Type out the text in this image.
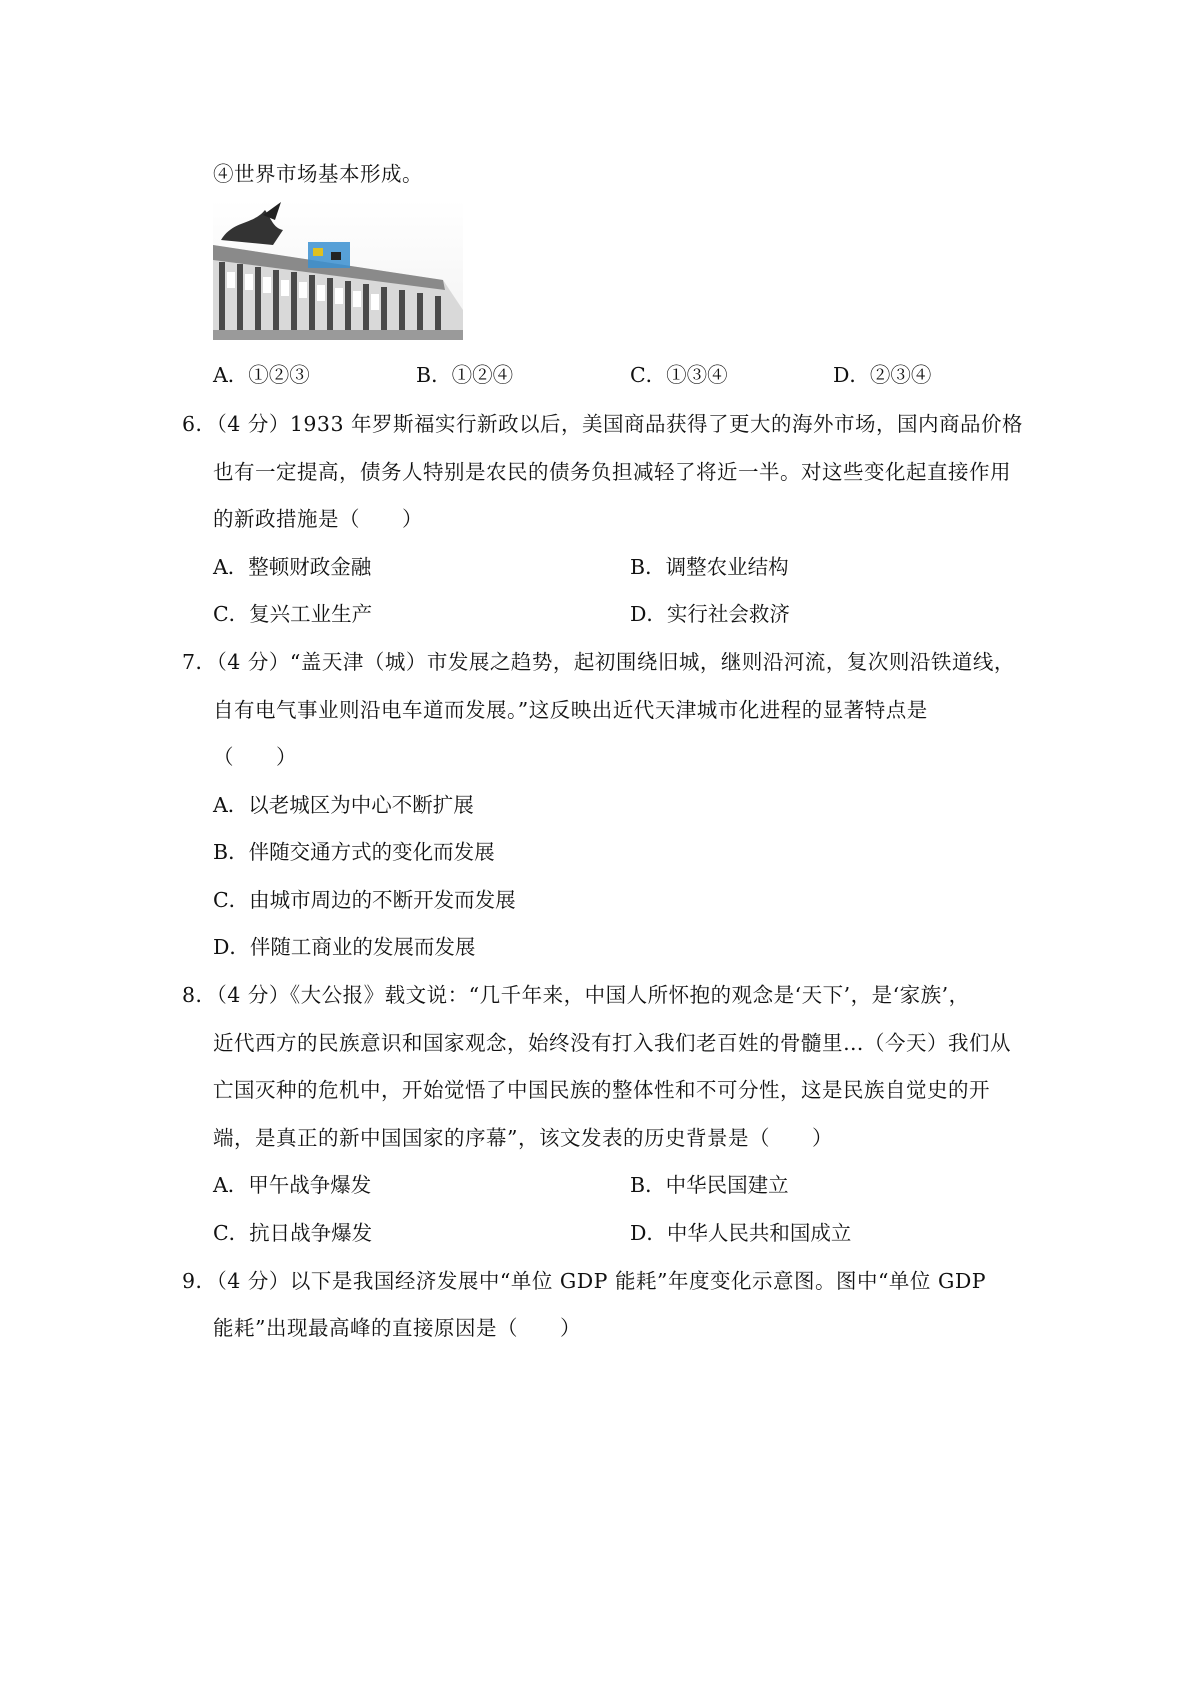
④世界市场基本形成。
A．①②③	B．①②④	C．①③④	D．②③④
6．（4 分）1933 年罗斯福实行新政以后，美国商品获得了更大的海外市场，国内商品价格
也有一定提高，债务人特别是农民的债务负担减轻了将近一半。对这些变化起直接作用
的新政措施是（　　）
A．整顿财政金融	B．调整农业结构
C．复兴工业生产	D．实行社会救济
7．（4 分）“盖天津（城）市发展之趋势，起初围绕旧城，继则沿河流，复次则沿铁道线，
自有电气事业则沿电车道而发展。”这反映出近代天津城市化进程的显著特点是
（　　）
A．以老城区为中心不断扩展
B．伴随交通方式的变化而发展
C．由城市周边的不断开发而发展
D．伴随工商业的发展而发展
8．（4 分）《大公报》载文说：“几千年来，中国人所怀抱的观念是‘天下’，是‘家族’，
近代西方的民族意识和国家观念，始终没有打入我们老百姓的骨髓里…（今天）我们从
亡国灭种的危机中，开始觉悟了中国民族的整体性和不可分性，这是民族自觉史的开
端，是真正的新中国国家的序幕”，该文发表的历史背景是（　　）
A．甲午战争爆发	B．中华民国建立
C．抗日战争爆发	D．中华人民共和国成立
9．（4 分）以下是我国经济发展中“单位 GDP 能耗”年度变化示意图。图中“单位 GDP
能耗”出现最高峰的直接原因是（　　）
